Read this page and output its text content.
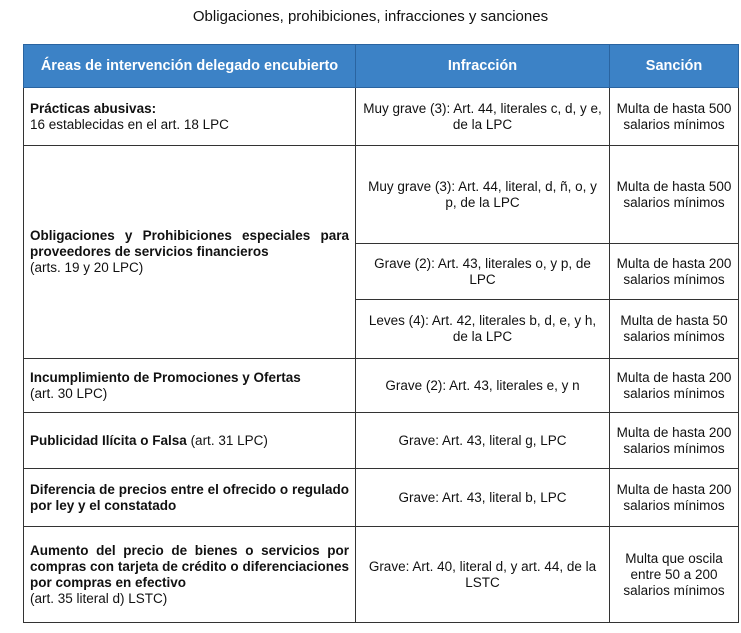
Obligaciones, prohibiciones, infracciones y sanciones
Áreas de intervención delegado encubierto	Infracción	Sanción
Prácticas abusivas:
16 establecidas en el art. 18 LPC	Muy grave (3): Art. 44, literales c, d, y e, de la LPC	Multa de hasta 500 salarios mínimos
Obligaciones y Prohibiciones especiales para proveedores de servicios financieros
(arts. 19 y 20 LPC)	Muy grave (3): Art. 44, literal, d, ñ, o, y p, de la LPC	Multa de hasta 500 salarios mínimos
	Grave (2): Art. 43, literales o, y p, de LPC	Multa de hasta 200 salarios mínimos
	Leves (4): Art. 42, literales b, d, e, y h, de la LPC	Multa de hasta 50 salarios mínimos
Incumplimiento de Promociones y Ofertas
(art. 30 LPC)	Grave (2): Art. 43, literales e, y n	Multa de hasta 200 salarios mínimos
Publicidad Ilícita o Falsa (art. 31 LPC)	Grave: Art. 43, literal g, LPC	Multa de hasta 200 salarios mínimos
Diferencia de precios entre el ofrecido o regulado por ley y el constatado	Grave: Art. 43, literal b, LPC	Multa de hasta 200 salarios mínimos
Aumento del precio de bienes o servicios por compras con tarjeta de crédito o diferenciaciones por compras en efectivo
(art. 35 literal d) LSTC)	Grave: Art. 40, literal d, y art. 44, de la LSTC	Multa que oscila entre 50 a 200 salarios mínimos
